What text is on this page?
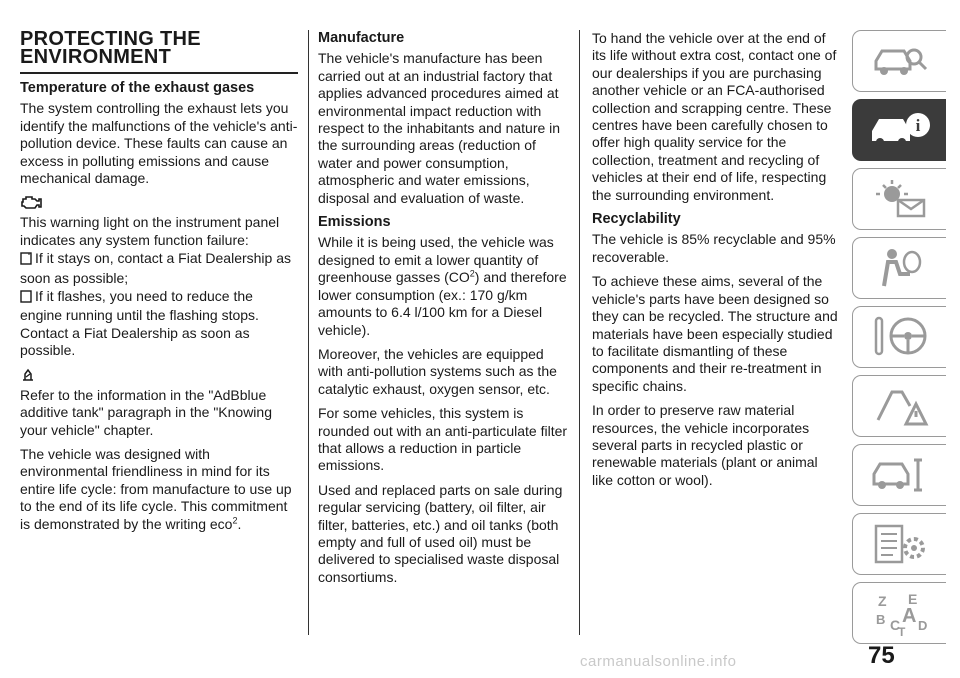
PROTECTING THE ENVIRONMENT
Temperature of the exhaust gases

The system controlling the exhaust lets you identify the malfunctions of the vehicle's anti-pollution device. These faults can cause an excess in polluting emissions and cause mechanical damage.

This warning light on the instrument panel indicates any system function failure:

If it stays on, contact a Fiat Dealership as soon as possible;

If it flashes, you need to reduce the engine running until the flashing stops. Contact a Fiat Dealership as soon as possible.

Refer to the information in the "AdBblue additive tank" paragraph in the "Knowing your vehicle" chapter.

The vehicle was designed with environmental friendliness in mind for its entire life cycle: from manufacture to use up to the end of its life cycle. This commitment is demonstrated by the writing eco$^2$.

Manufacture

The vehicle's manufacture has been carried out at an industrial factory that applies advanced procedures aimed at environmental impact reduction with respect to the inhabitants and nature in the surrounding areas (reduction of water and power consumption, atmospheric and water emissions, disposal and evaluation of waste.

Emissions

While it is being used, the vehicle was designed to emit a lower quantity of greenhouse gasses $(CO^2)$ and therefore lower consumption (ex.: 170 g/km amounts to 6.4 l/100 km for a Diesel vehicle).

Moreover, the vehicles are equipped with anti-pollution systems such as the catalytic exhaust, oxygen sensor, etc.

For some vehicles, this system is rounded out with an anti-particulate filter that allows a reduction in particle emissions.

Used and replaced parts on sale during regular servicing (battery, oil filter, air filter, batteries, etc.) and oil tanks (both empty and full of used oil) must be delivered to specialised waste disposal consortiums.

To hand the vehicle over at the end of its life without extra cost, contact one of our dealerships if you are purchasing another vehicle or an FCA-authorised collection and scrapping centre. These centres have been carefully chosen to offer high quality service for the collection, treatment and recycling of vehicles at their end of life, respecting the surrounding environment.

Recyclability

The vehicle is 85% recyclable and 95% recoverable.

To achieve these aims, several of the vehicle's parts have been designed so they can be recycled. The structure and materials have been especially studied to facilitate dismantling of these components and their re-treatment in specific chains.

In order to preserve raw material resources, the vehicle incorporates several parts in recycled plastic or renewable materials (plant or animal like cotton or wool).

i
Z E
B C A D
T
75
carmanualsonline.info
